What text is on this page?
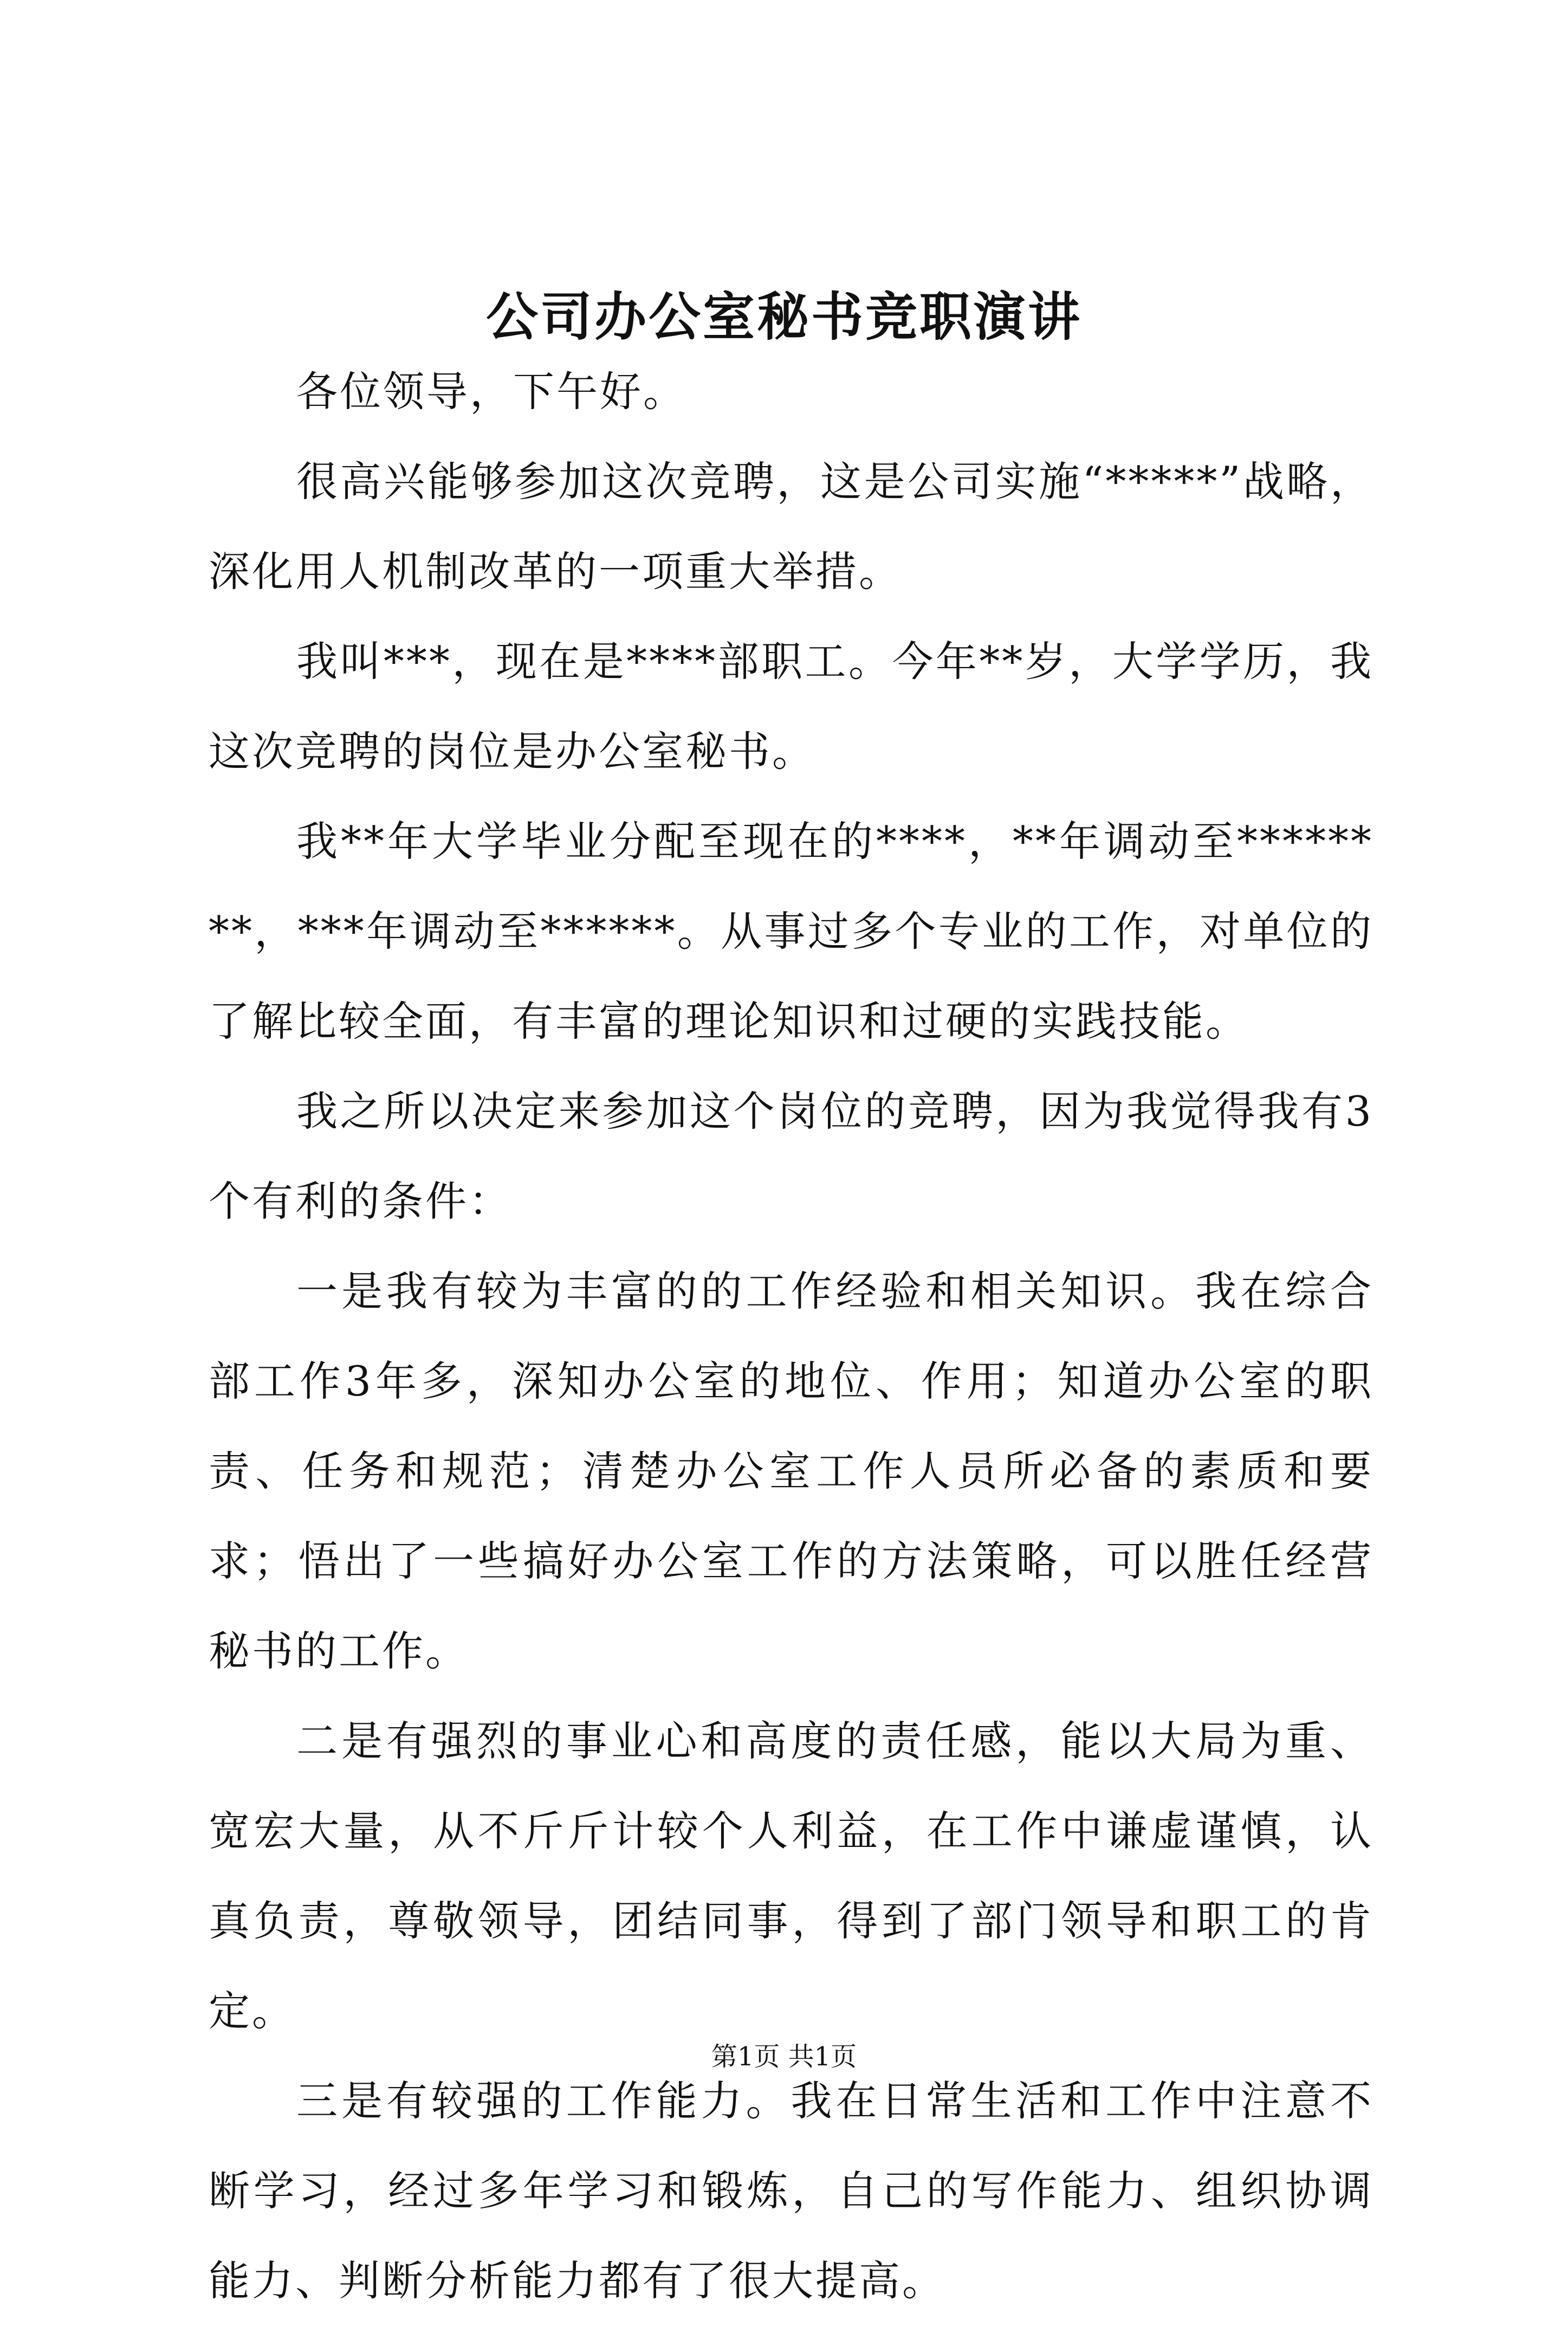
公司办公室秘书竞职演讲

各位领导，下午好。

很高兴能够参加这次竞聘，这是公司实施“*****”战略，深化用人机制改革的一项重大举措。

我叫***，现在是****部职工。今年**岁，大学学历，我这次竞聘的岗位是办公室秘书。

我**年大学毕业分配至现在的****，**年调动至********，***年调动至******。从事过多个专业的工作，对单位的了解比较全面，有丰富的理论知识和过硬的实践技能。

我之所以决定来参加这个岗位的竞聘，因为我觉得我有3个有利的条件：

一是我有较为丰富的的工作经验和相关知识。我在综合部工作3年多，深知办公室的地位、作用；知道办公室的职责、任务和规范；清楚办公室工作人员所必备的素质和要求；悟出了一些搞好办公室工作的方法策略，可以胜任经营秘书的工作。

二是有强烈的事业心和高度的责任感，能以大局为重、宽宏大量，从不斤斤计较个人利益，在工作中谦虚谨慎，认真负责，尊敬领导，团结同事，得到了部门领导和职工的肯定。

三是有较强的工作能力。我在日常生活和工作中注意不断学习，经过多年学习和锻炼，自己的写作能力、组织协调能力、判断分析能力都有了很大提高。

第1页 共1页
